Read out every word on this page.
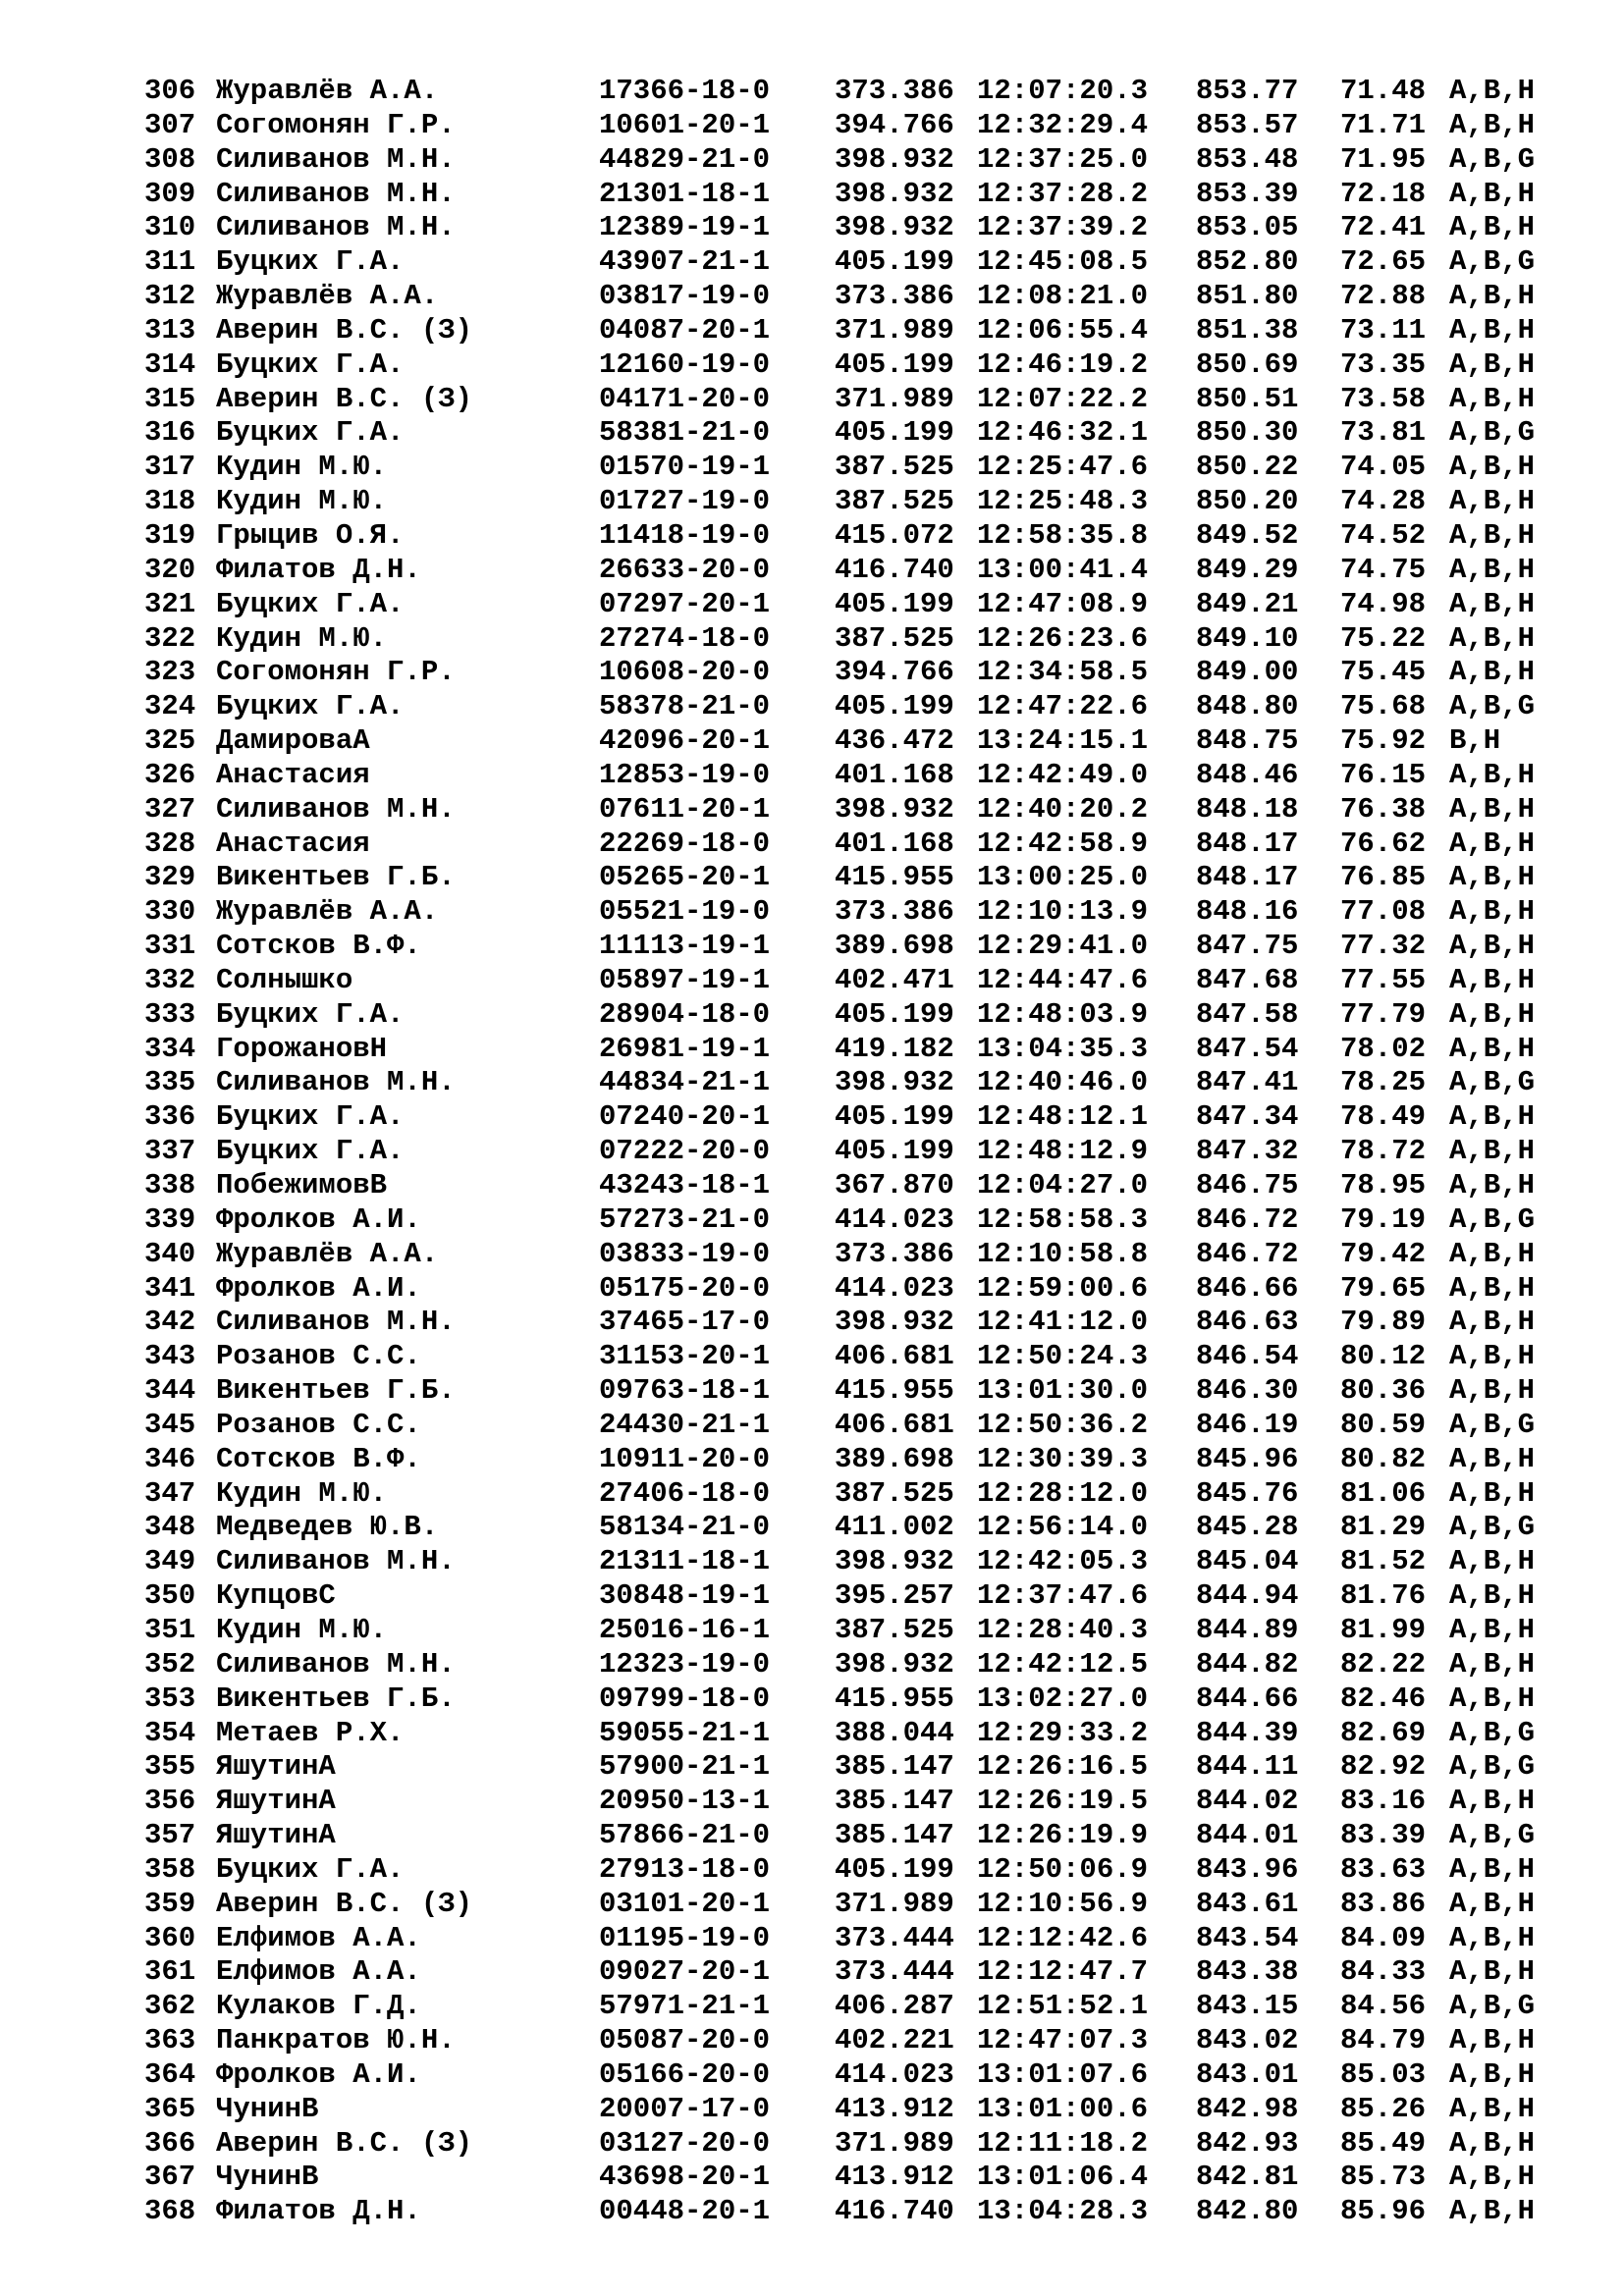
306 Журавлёв А.А.	17366-18-0	373.386 12:07:20.3	853.77	71.48 A,B,H
307 Согомонян Г.Р.	10601-20-1	394.766 12:32:29.4	853.57	71.71 A,B,H
308 Силиванов М.Н.	44829-21-0	398.932 12:37:25.0	853.48	71.95 A,B,G
309 Силиванов М.Н.	21301-18-1	398.932 12:37:28.2	853.39	72.18 A,B,H
310 Силиванов М.Н.	12389-19-1	398.932 12:37:39.2	853.05	72.41 A,B,H
311 Буцких Г.А.	43907-21-1	405.199 12:45:08.5	852.80	72.65 A,B,G
312 Журавлёв А.А.	03817-19-0	373.386 12:08:21.0	851.80	72.88 A,B,H
313 Аверин В.С. (З)	04087-20-1	371.989 12:06:55.4	851.38	73.11 A,B,H
314 Буцких Г.А.	12160-19-0	405.199 12:46:19.2	850.69	73.35 A,B,H
315 Аверин В.С. (З)	04171-20-0	371.989 12:07:22.2	850.51	73.58 A,B,H
316 Буцких Г.А.	58381-21-0	405.199 12:46:32.1	850.30	73.81 A,B,G
317 Кудин М.Ю.	01570-19-1	387.525 12:25:47.6	850.22	74.05 A,B,H
318 Кудин М.Ю.	01727-19-0	387.525 12:25:48.3	850.20	74.28 A,B,H
319 Грыцив О.Я.	11418-19-0	415.072 12:58:35.8	849.52	74.52 A,B,H
320 Филатов Д.Н.	26633-20-0	416.740 13:00:41.4	849.29	74.75 A,B,H
321 Буцких Г.А.	07297-20-1	405.199 12:47:08.9	849.21	74.98 A,B,H
322 Кудин М.Ю.	27274-18-0	387.525 12:26:23.6	849.10	75.22 A,B,H
323 Согомонян Г.Р.	10608-20-0	394.766 12:34:58.5	849.00	75.45 A,B,H
324 Буцких Г.А.	58378-21-0	405.199 12:47:22.6	848.80	75.68 A,B,G
325 ДамироваА	42096-20-1	436.472 13:24:15.1	848.75	75.92 B,H
326 Анастасия	12853-19-0	401.168 12:42:49.0	848.46	76.15 A,B,H
327 Силиванов М.Н.	07611-20-1	398.932 12:40:20.2	848.18	76.38 A,B,H
328 Анастасия	22269-18-0	401.168 12:42:58.9	848.17	76.62 A,B,H
329 Викентьев Г.Б.	05265-20-1	415.955 13:00:25.0	848.17	76.85 A,B,H
330 Журавлёв А.А.	05521-19-0	373.386 12:10:13.9	848.16	77.08 A,B,H
331 Сотсков В.Ф.	11113-19-1	389.698 12:29:41.0	847.75	77.32 A,B,H
332 Солнышко	05897-19-1	402.471 12:44:47.6	847.68	77.55 A,B,H
333 Буцких Г.А.	28904-18-0	405.199 12:48:03.9	847.58	77.79 A,B,H
334 ГорожановН	26981-19-1	419.182 13:04:35.3	847.54	78.02 A,B,H
335 Силиванов М.Н.	44834-21-1	398.932 12:40:46.0	847.41	78.25 A,B,G
336 Буцких Г.А.	07240-20-1	405.199 12:48:12.1	847.34	78.49 A,B,H
337 Буцких Г.А.	07222-20-0	405.199 12:48:12.9	847.32	78.72 A,B,H
338 ПобежимовВ	43243-18-1	367.870 12:04:27.0	846.75	78.95 A,B,H
339 Фролков А.И.	57273-21-0	414.023 12:58:58.3	846.72	79.19 A,B,G
340 Журавлёв А.А.	03833-19-0	373.386 12:10:58.8	846.72	79.42 A,B,H
341 Фролков А.И.	05175-20-0	414.023 12:59:00.6	846.66	79.65 A,B,H
342 Силиванов М.Н.	37465-17-0	398.932 12:41:12.0	846.63	79.89 A,B,H
343 Розанов С.С.	31153-20-1	406.681 12:50:24.3	846.54	80.12 A,B,H
344 Викентьев Г.Б.	09763-18-1	415.955 13:01:30.0	846.30	80.36 A,B,H
345 Розанов С.С.	24430-21-1	406.681 12:50:36.2	846.19	80.59 A,B,G
346 Сотсков В.Ф.	10911-20-0	389.698 12:30:39.3	845.96	80.82 A,B,H
347 Кудин М.Ю.	27406-18-0	387.525 12:28:12.0	845.76	81.06 A,B,H
348 Медведев Ю.В.	58134-21-0	411.002 12:56:14.0	845.28	81.29 A,B,G
349 Силиванов М.Н.	21311-18-1	398.932 12:42:05.3	845.04	81.52 A,B,H
350 КупцовС	30848-19-1	395.257 12:37:47.6	844.94	81.76 A,B,H
351 Кудин М.Ю.	25016-16-1	387.525 12:28:40.3	844.89	81.99 A,B,H
352 Силиванов М.Н.	12323-19-0	398.932 12:42:12.5	844.82	82.22 A,B,H
353 Викентьев Г.Б.	09799-18-0	415.955 13:02:27.0	844.66	82.46 A,B,H
354 Метаев Р.Х.	59055-21-1	388.044 12:29:33.2	844.39	82.69 A,B,G
355 ЯшутинА	57900-21-1	385.147 12:26:16.5	844.11	82.92 A,B,G
356 ЯшутинА	20950-13-1	385.147 12:26:19.5	844.02	83.16 A,B,H
357 ЯшутинА	57866-21-0	385.147 12:26:19.9	844.01	83.39 A,B,G
358 Буцких Г.А.	27913-18-0	405.199 12:50:06.9	843.96	83.63 A,B,H
359 Аверин В.С. (З)	03101-20-1	371.989 12:10:56.9	843.61	83.86 A,B,H
360 Елфимов А.А.	01195-19-0	373.444 12:12:42.6	843.54	84.09 A,B,H
361 Елфимов А.А.	09027-20-1	373.444 12:12:47.7	843.38	84.33 A,B,H
362 Кулаков Г.Д.	57971-21-1	406.287 12:51:52.1	843.15	84.56 A,B,G
363 Панкратов Ю.Н.	05087-20-0	402.221 12:47:07.3	843.02	84.79 A,B,H
364 Фролков А.И.	05166-20-0	414.023 13:01:07.6	843.01	85.03 A,B,H
365 ЧунинВ	20007-17-0	413.912 13:01:00.6	842.98	85.26 A,B,H
366 Аверин В.С. (З)	03127-20-0	371.989 12:11:18.2	842.93	85.49 A,B,H
367 ЧунинВ	43698-20-1	413.912 13:01:06.4	842.81	85.73 A,B,H
368 Филатов Д.Н.	00448-20-1	416.740 13:04:28.3	842.80	85.96 A,B,H
